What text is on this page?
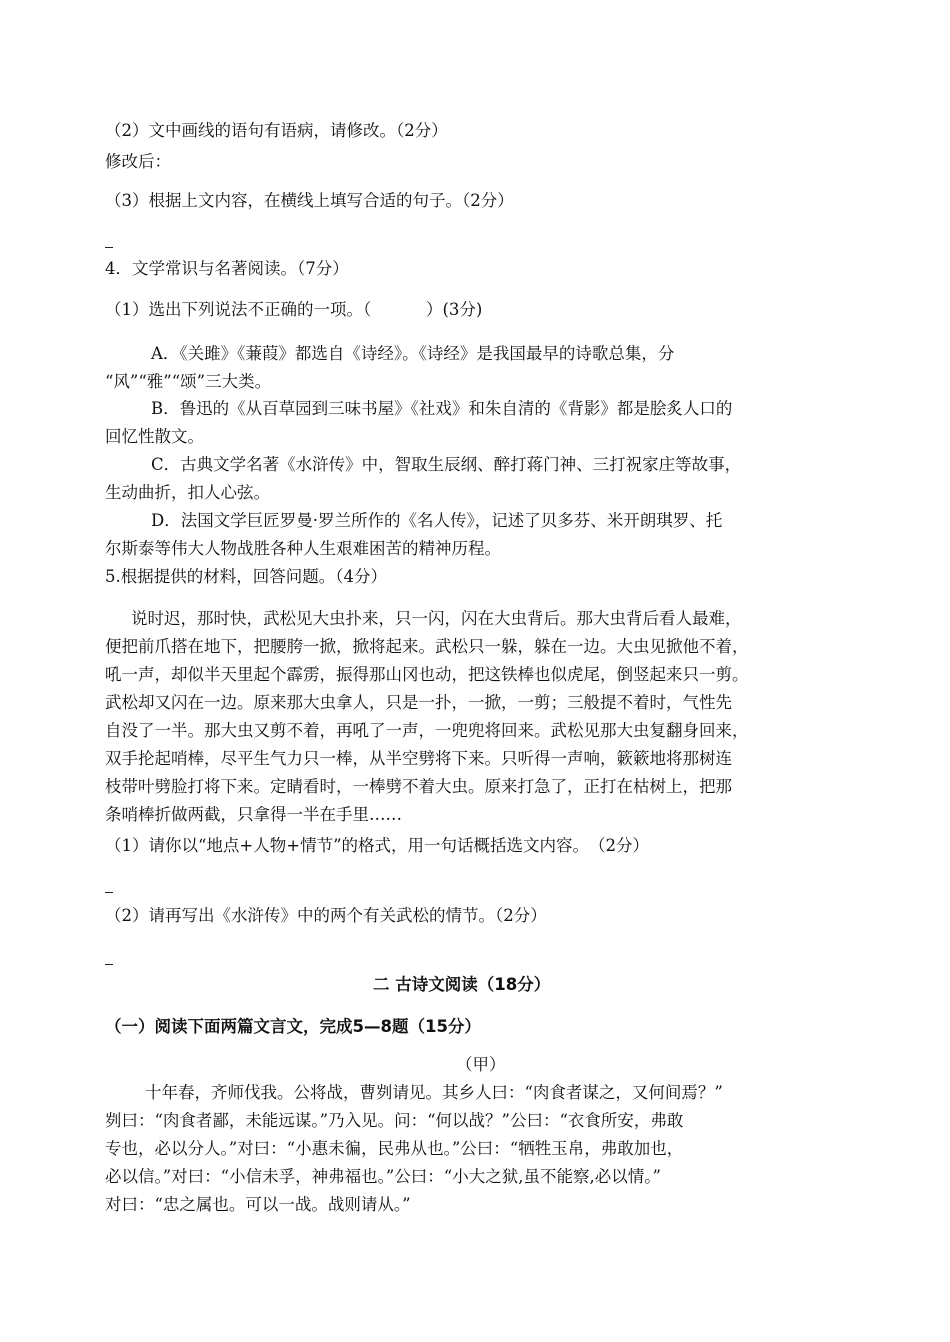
（2）文中画线的语句有语病，请修改。（2分）
修改后：
（3）根据上文内容，在横线上填写合适的句子。（2分）
4．文学常识与名著阅读。（7分）
（1）选出下列说法不正确的一项。（　　　 ）(3分)
A．《关雎》《蒹葭》都选自《诗经》。《诗经》是我国最早的诗歌总集，分
“风”“雅”“颂”三大类。
B．鲁迅的《从百草园到三味书屋》《社戏》和朱自清的《背影》都是脍炙人口的
回忆性散文。
C．古典文学名著《水浒传》中，智取生辰纲、醉打蒋门神、三打祝家庄等故事，
生动曲折，扣人心弦。
D．法国文学巨匠罗曼·罗兰所作的《名人传》，记述了贝多芬、米开朗琪罗、托
尔斯泰等伟大人物战胜各种人生艰难困苦的精神历程。
5.根据提供的材料，回答问题。（4分）
说时迟，那时快，武松见大虫扑来，只一闪，闪在大虫背后。那大虫背后看人最难，
便把前爪搭在地下，把腰胯一掀，掀将起来。武松只一躲，躲在一边。大虫见掀他不着，
吼一声，却似半天里起个霹雳，振得那山冈也动，把这铁棒也似虎尾，倒竖起来只一剪。
武松却又闪在一边。原来那大虫拿人，只是一扑，一掀，一剪；三般提不着时，气性先
自没了一半。那大虫又剪不着，再吼了一声，一兜兜将回来。武松见那大虫复翻身回来，
双手抡起哨棒，尽平生气力只一棒，从半空劈将下来。只听得一声响，簌簌地将那树连
枝带叶劈脸打将下来。定睛看时，一棒劈不着大虫。原来打急了，正打在枯树上，把那
条哨棒折做两截，只拿得一半在手里……
（1）请你以“地点+人物+情节”的格式，用一句话概括选文内容。　（2分）
（2）请再写出《水浒传》中的两个有关武松的情节。（2分）
二 古诗文阅读（18分）
（一）阅读下面两篇文言文，完成5—8题（15分）
（甲）
十年春，齐师伐我。公将战，曹刿请见。其乡人曰：“肉食者谋之，又何间焉？”
刿曰：“肉食者鄙，未能远谋。”乃入见。问：“何以战？”公曰：“衣食所安，弗敢
专也，必以分人。”对曰：“小惠未徧，民弗从也。”公曰：“牺牲玉帛，弗敢加也，
必以信。”对曰：“小信未孚，神弗福也。”公曰：“小大之狱,虽不能察,必以情。”
对曰：“忠之属也。可以一战。战则请从。”
